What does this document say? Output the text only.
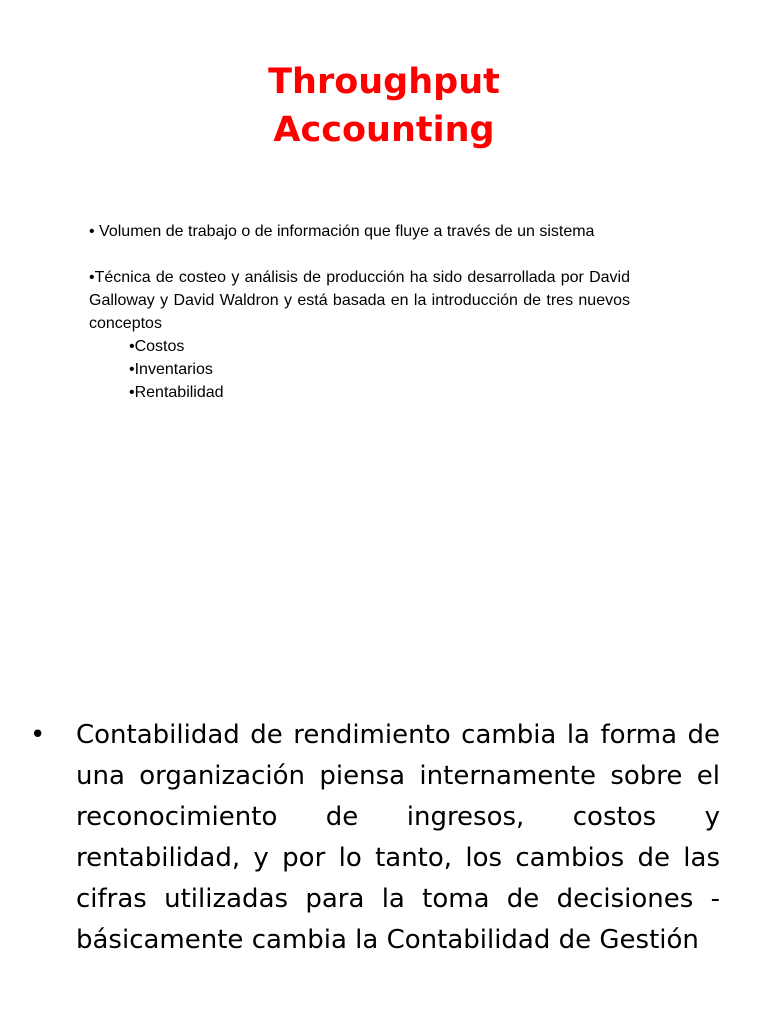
Throughput
Accounting

• Volumen de trabajo o de información que fluye a través de un sistema

•Técnica de costeo y análisis de producción ha sido desarrollada por David Galloway y David Waldron y está basada en la introducción de tres nuevos conceptos

•Costos
•Inventarios
•Rentabilidad
•	Contabilidad de rendimiento cambia la forma de una organización piensa internamente sobre el reconocimiento de ingresos, costos y rentabilidad, y por lo tanto, los cambios de las cifras utilizadas para la toma de decisiones - básicamente cambia la Contabilidad de Gestión
